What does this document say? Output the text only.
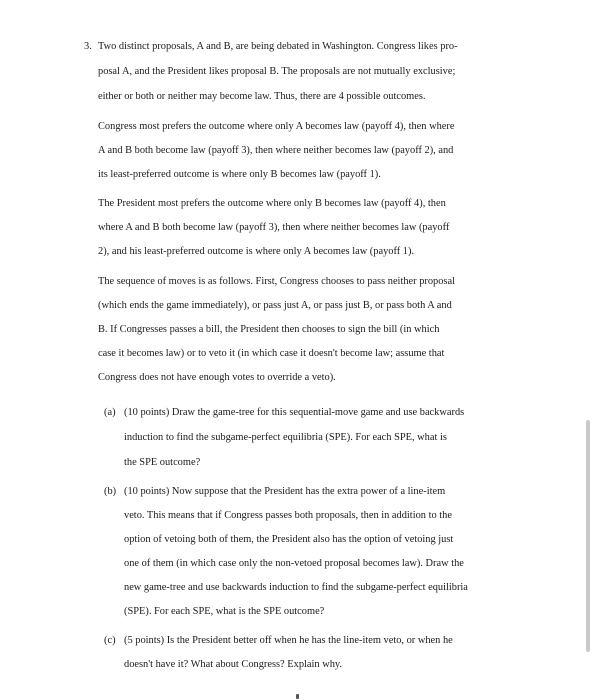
3. Two distinct proposals, A and B, are being debated in Washington. Congress likes pro-
posal A, and the President likes proposal B. The proposals are not mutually exclusive;
either or both or neither may become law. Thus, there are 4 possible outcomes.
Congress most prefers the outcome where only A becomes law (payoff 4), then where
A and B both become law (payoff 3), then where neither becomes law (payoff 2), and
its least-preferred outcome is where only B becomes law (payoff 1).
The President most prefers the outcome where only B becomes law (payoff 4), then
where A and B both become law (payoff 3), then where neither becomes law (payoff
2), and his least-preferred outcome is where only A becomes law (payoff 1).
The sequence of moves is as follows. First, Congress chooses to pass neither proposal
(which ends the game immediately), or pass just A, or pass just B, or pass both A and
B. If Congresses passes a bill, the President then chooses to sign the bill (in which
case it becomes law) or to veto it (in which case it doesn't become law; assume that
Congress does not have enough votes to override a veto).
(a) (10 points) Draw the game-tree for this sequential-move game and use backwards
induction to find the subgame-perfect equilibria (SPE). For each SPE, what is
the SPE outcome?
(b) (10 points) Now suppose that the President has the extra power of a line-item
veto. This means that if Congress passes both proposals, then in addition to the
option of vetoing both of them, the President also has the option of vetoing just
one of them (in which case only the non-vetoed proposal becomes law). Draw the
new game-tree and use backwards induction to find the subgame-perfect equilibria
(SPE). For each SPE, what is the SPE outcome?
(c) (5 points) Is the President better off when he has the line-item veto, or when he
doesn't have it? What about Congress? Explain why.
